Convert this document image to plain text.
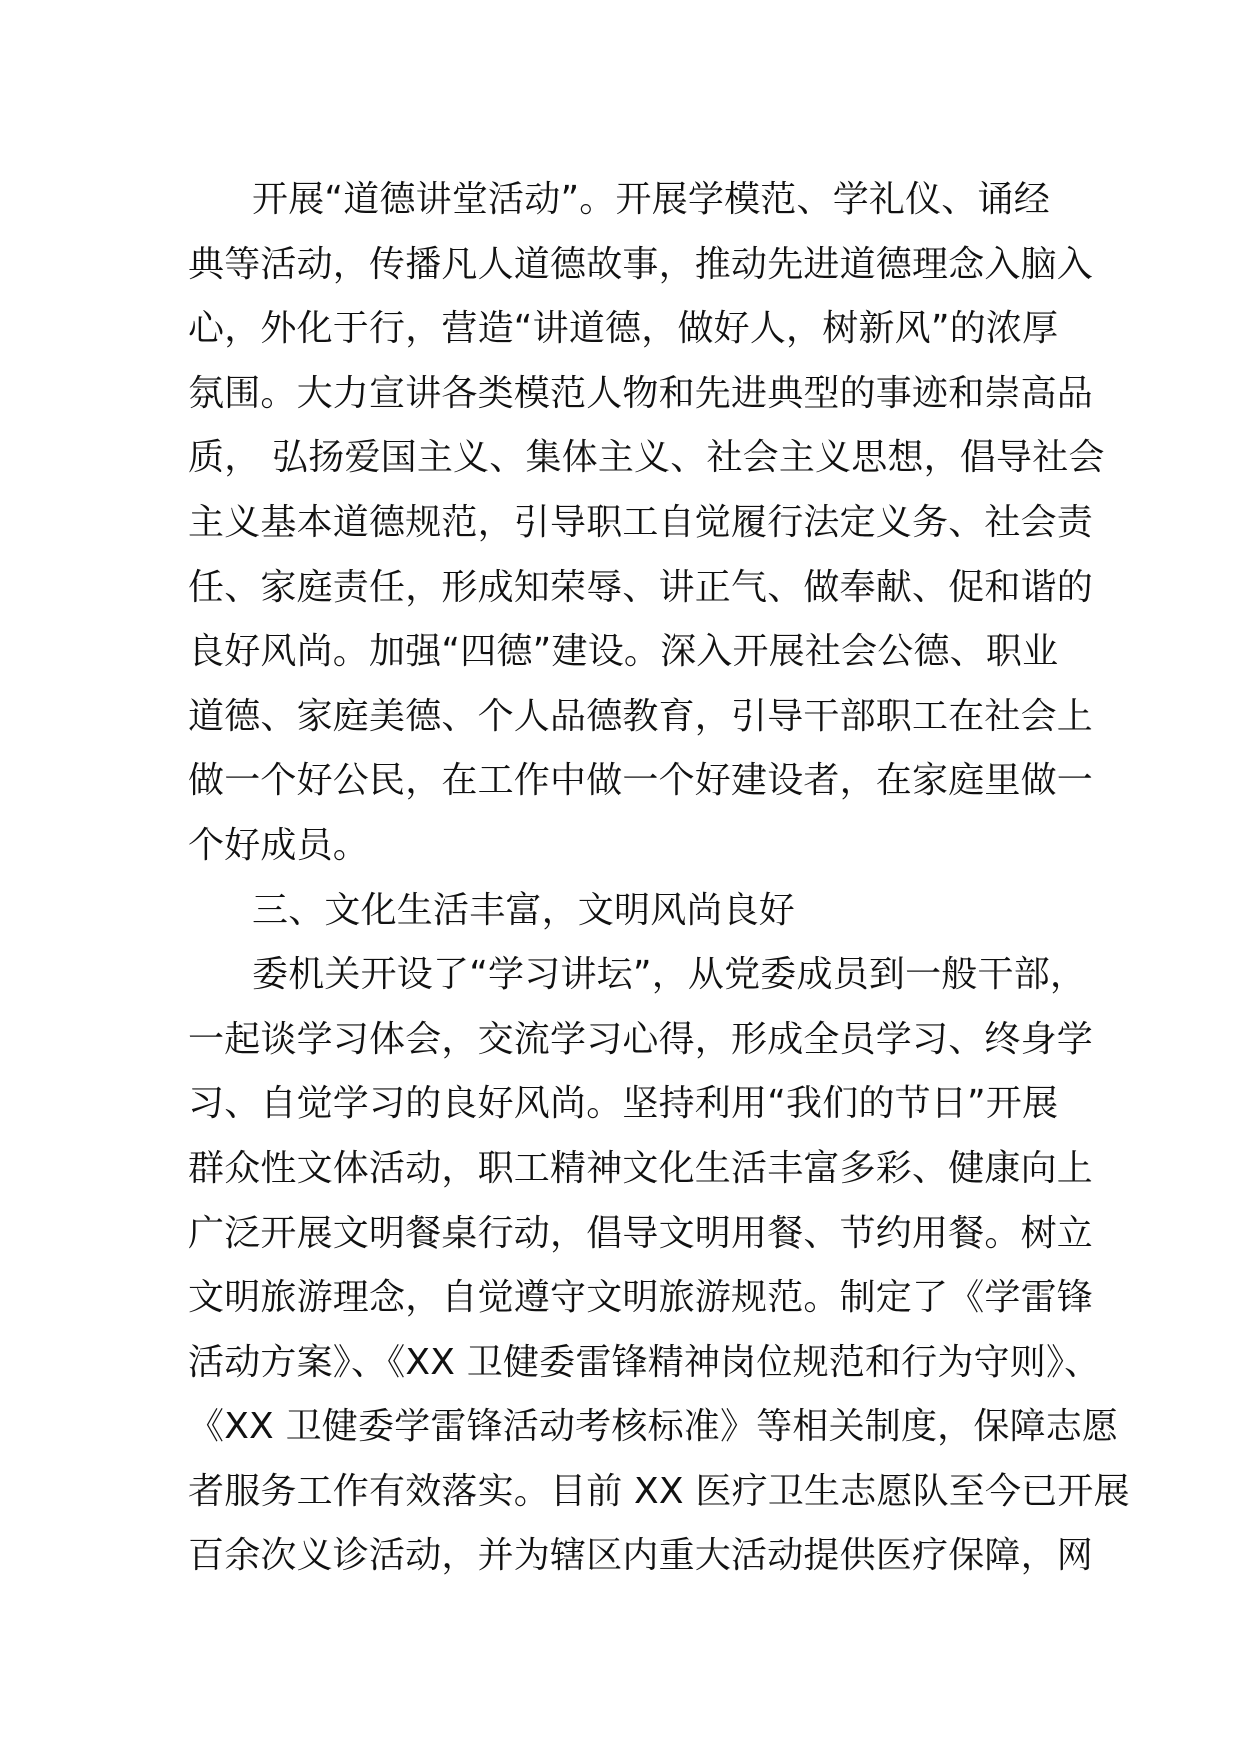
开展“道德讲堂活动”。开展学模范、学礼仪、诵经
典等活动，传播凡人道德故事，推动先进道德理念入脑入
心，外化于行，营造“讲道德，做好人，树新风”的浓厚
氛围。大力宣讲各类模范人物和先进典型的事迹和崇高品
质， 弘扬爱国主义、集体主义、社会主义思想，倡导社会
主义基本道德规范，引导职工自觉履行法定义务、社会责
任、家庭责任，形成知荣辱、讲正气、做奉献、促和谐的
良好风尚。加强“四德”建设。深入开展社会公德、职业
道德、家庭美德、个人品德教育，引导干部职工在社会上
做一个好公民，在工作中做一个好建设者，在家庭里做一
个好成员。
三、文化生活丰富，文明风尚良好
委机关开设了“学习讲坛”，从党委成员到一般干部，
一起谈学习体会，交流学习心得，形成全员学习、终身学
习、自觉学习的良好风尚。坚持利用“我们的节日”开展
群众性文体活动，职工精神文化生活丰富多彩、健康向上
广泛开展文明餐桌行动，倡导文明用餐、节约用餐。树立
文明旅游理念，自觉遵守文明旅游规范。制定了《学雷锋
活动方案》、《XX 卫健委雷锋精神岗位规范和行为守则》、
《XX 卫健委学雷锋活动考核标准》等相关制度，保障志愿
者服务工作有效落实。目前 XX 医疗卫生志愿队至今已开展
百余次义诊活动，并为辖区内重大活动提供医疗保障，网
